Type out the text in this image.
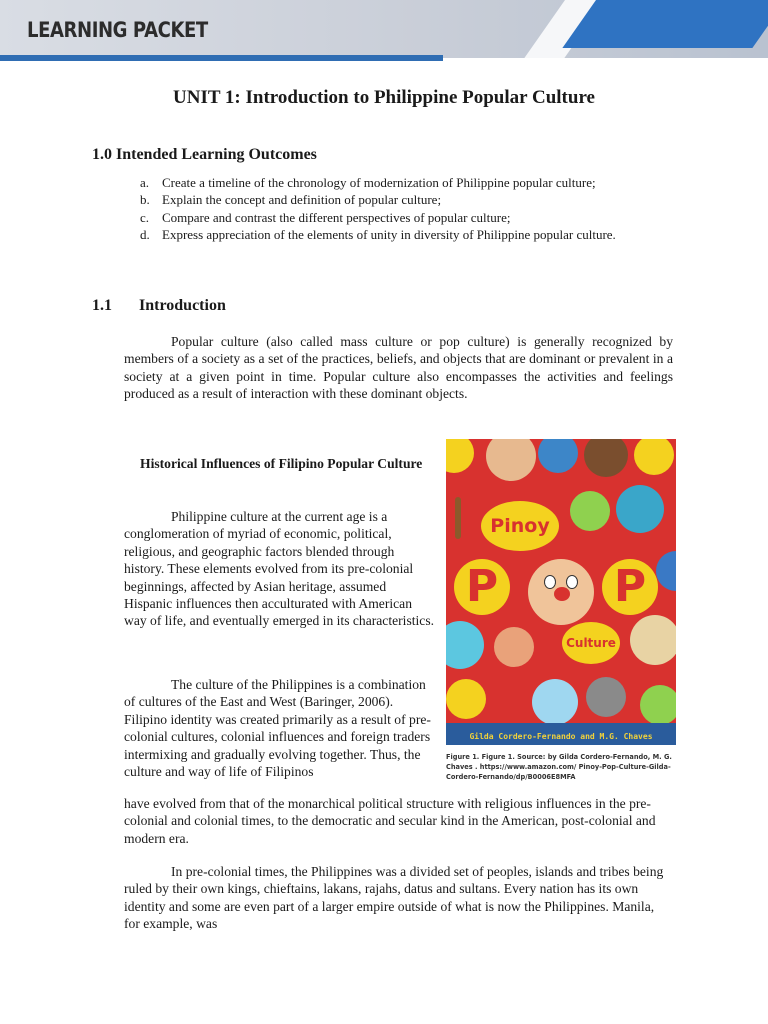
LEARNING PACKET
UNIT 1: Introduction to Philippine Popular Culture
1.0 Intended Learning Outcomes
a. Create a timeline of the chronology of modernization of Philippine popular culture;
b. Explain the concept and definition of popular culture;
c. Compare and contrast the different perspectives of popular culture;
d. Express appreciation of the elements of unity in diversity of Philippine popular culture.
1.1 Introduction
Popular culture (also called mass culture or pop culture) is generally recognized by members of a society as a set of the practices, beliefs, and objects that are dominant or prevalent in a society at a given point in time. Popular culture also encompasses the activities and feelings produced as a result of interaction with these dominant objects.
Historical Influences of Filipino Popular Culture
Philippine culture at the current age is a conglomeration of myriad of economic, political, religious, and geographic factors blended through history. These elements evolved from its pre-colonial beginnings, affected by Asian heritage, assumed Hispanic influences then acculturated with American way of life, and eventually emerged in its characteristics.
The culture of the Philippines is a combination of cultures of the East and West (Baringer, 2006). Filipino identity was created primarily as a result of pre-colonial cultures, colonial influences and foreign traders intermixing and gradually evolving together. Thus, the culture and way of life of Filipinos
have evolved from that of the monarchical political structure with religious influences in the pre-colonial and colonial times, to the democratic and secular kind in the American, post-colonial and modern era.
In pre-colonial times, the Philippines was a divided set of peoples, islands and tribes being ruled by their own kings, chieftains, lakans, rajahs, datus and sultans. Every nation has its own identity and some are even part of a larger empire outside of what is now the Philippines. Manila, for example, was
Pinoy
P	P
Culture
Gilda Cordero-Fernando and M.G. Chaves
Figure 1. Figure 1. Source: by Gilda Cordero-Fernando, M. G. Chaves . https://www.amazon.com/ Pinoy-Pop-Culture-Gilda-Cordero-Fernando/dp/B0006E8MFA
